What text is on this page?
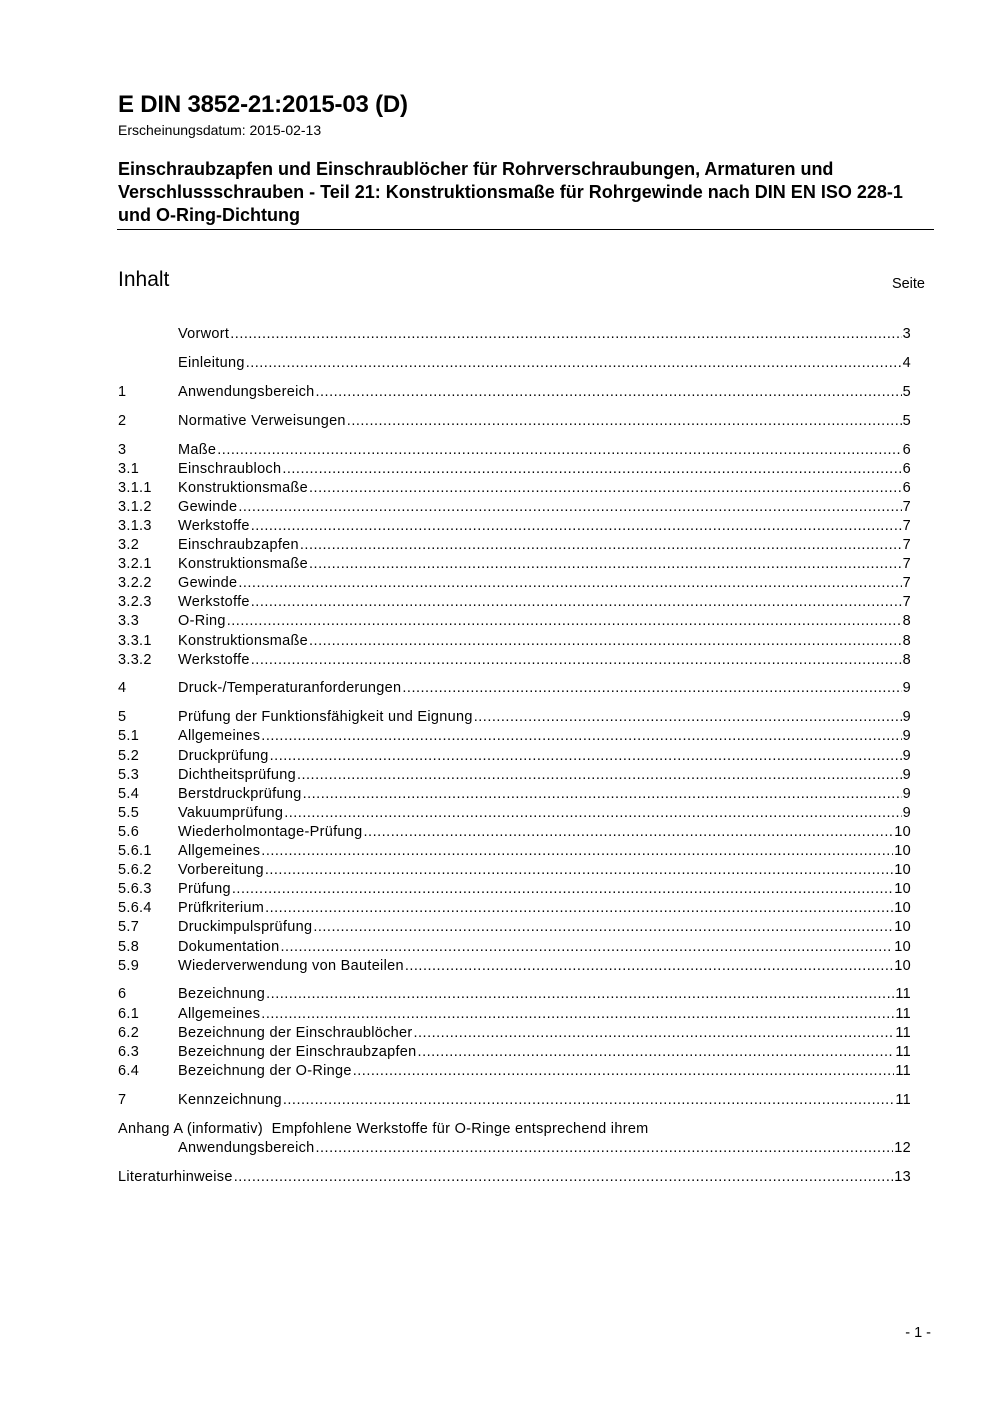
E DIN 3852-21:2015-03 (D)
Erscheinungsdatum: 2015-02-13
Einschraubzapfen und Einschraublöcher für Rohrverschraubungen, Armaturen und Verschlussschrauben - Teil 21: Konstruktionsmaße für Rohrgewinde nach DIN EN ISO 228-1 und O-Ring-Dichtung
Inhalt	Seite
Vorwort .....	3
Einleitung .....	4
1	Anwendungsbereich .....	5
2	Normative Verweisungen .....	5
3	Maße .....	6
3.1	Einschraubloch .....	6
3.1.1	Konstruktionsmaße .....	6
3.1.2	Gewinde .....	7
3.1.3	Werkstoffe .....	7
3.2	Einschraubzapfen .....	7
3.2.1	Konstruktionsmaße .....	7
3.2.2	Gewinde .....	7
3.2.3	Werkstoffe .....	7
3.3	O-Ring .....	8
3.3.1	Konstruktionsmaße .....	8
3.3.2	Werkstoffe .....	8
4	Druck-/Temperaturanforderungen .....	9
5	Prüfung der Funktionsfähigkeit und Eignung .....	9
5.1	Allgemeines .....	9
5.2	Druckprüfung .....	9
5.3	Dichtheitsprüfung .....	9
5.4	Berstdruckprüfung .....	9
5.5	Vakuumprüfung .....	9
5.6	Wiederholmontage-Prüfung .....	10
5.6.1	Allgemeines .....	10
5.6.2	Vorbereitung .....	10
5.6.3	Prüfung .....	10
5.6.4	Prüfkriterium .....	10
5.7	Druckimpulsprüfung .....	10
5.8	Dokumentation .....	10
5.9	Wiederverwendung von Bauteilen .....	10
6	Bezeichnung .....	11
6.1	Allgemeines .....	11
6.2	Bezeichnung der Einschraublöcher .....	11
6.3	Bezeichnung der Einschraubzapfen .....	11
6.4	Bezeichnung der O-Ringe .....	11
7	Kennzeichnung .....	11
Anhang A (informativ) Empfohlene Werkstoffe für O-Ringe entsprechend ihrem
Anwendungsbereich .....	12
Literaturhinweise .....	13
- 1 -
